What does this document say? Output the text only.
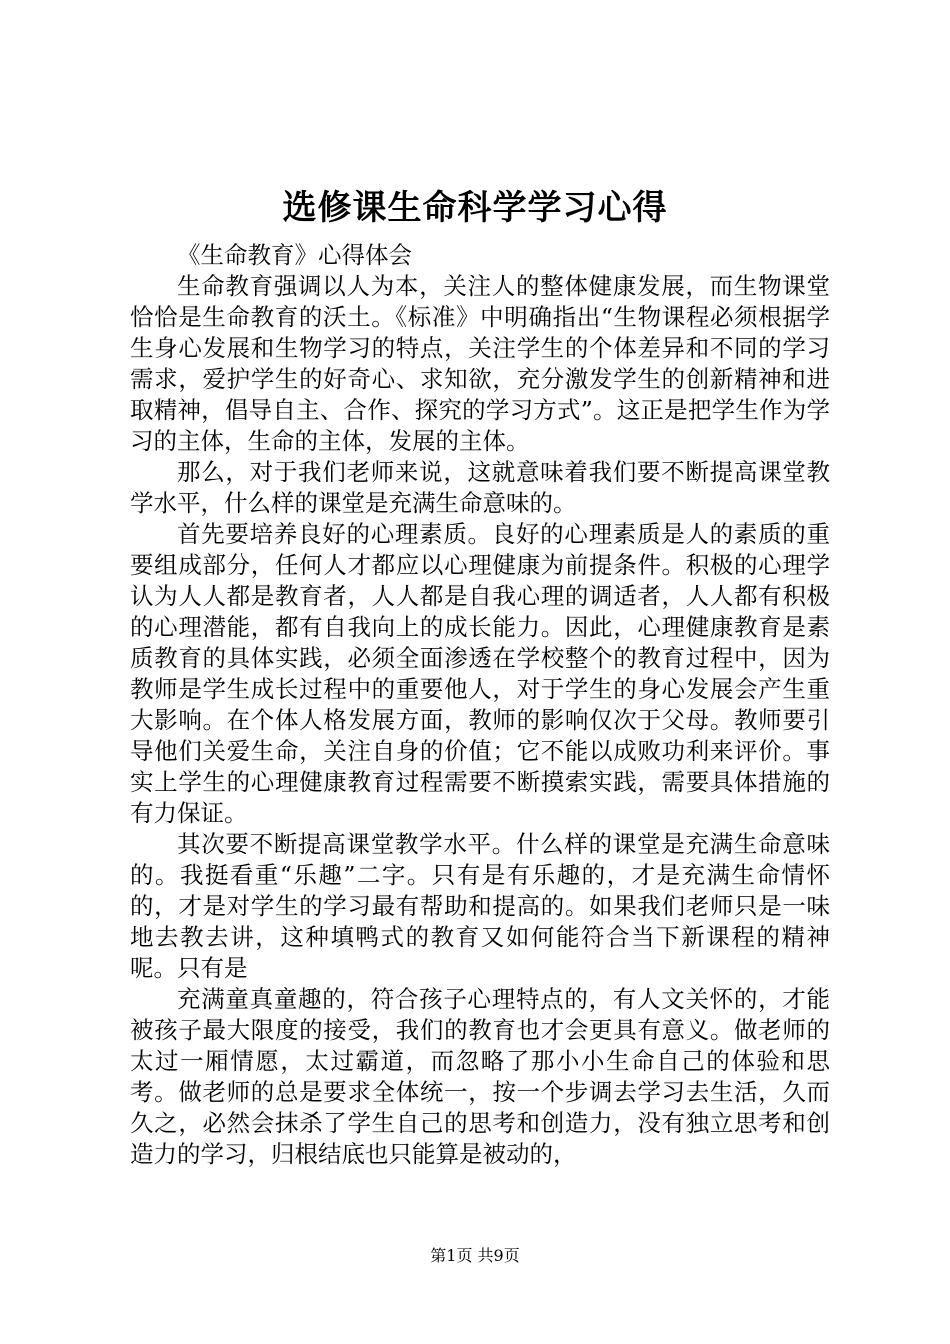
选修课生命科学学习心得

《生命教育》心得体会

生命教育强调以人为本，关注人的整体健康发展，而生物课堂恰恰是生命教育的沃土。《标准》中明确指出“生物课程必须根据学生身心发展和生物学习的特点，关注学生的个体差异和不同的学习需求，爱护学生的好奇心、求知欲，充分激发学生的创新精神和进取精神，倡导自主、合作、探究的学习方式”。这正是把学生作为学习的主体，生命的主体，发展的主体。

那么，对于我们老师来说，这就意味着我们要不断提高课堂教学水平，什么样的课堂是充满生命意味的。

首先要培养良好的心理素质。良好的心理素质是人的素质的重要组成部分，任何人才都应以心理健康为前提条件。积极的心理学认为人人都是教育者，人人都是自我心理的调适者，人人都有积极的心理潜能，都有自我向上的成长能力。因此，心理健康教育是素质教育的具体实践，必须全面渗透在学校整个的教育过程中，因为教师是学生成长过程中的重要他人，对于学生的身心发展会产生重大影响。在个体人格发展方面，教师的影响仅次于父母。教师要引导他们关爱生命，关注自身的价值；它不能以成败功利来评价。事实上学生的心理健康教育过程需要不断摸索实践，需要具体措施的有力保证。

其次要不断提高课堂教学水平。什么样的课堂是充满生命意味的。我挺看重“乐趣”二字。只有是有乐趣的，才是充满生命情怀的，才是对学生的学习最有帮助和提高的。如果我们老师只是一味地去教去讲，这种填鸭式的教育又如何能符合当下新课程的精神呢。只有是

充满童真童趣的，符合孩子心理特点的，有人文关怀的，才能被孩子最大限度的接受，我们的教育也才会更具有意义。做老师的太过一厢情愿，太过霸道，而忽略了那小小生命自己的体验和思考。做老师的总是要求全体统一，按一个步调去学习去生活，久而久之，必然会抹杀了学生自己的思考和创造力，没有独立思考和创造力的学习，归根结底也只能算是被动的，

第1页 共9页
